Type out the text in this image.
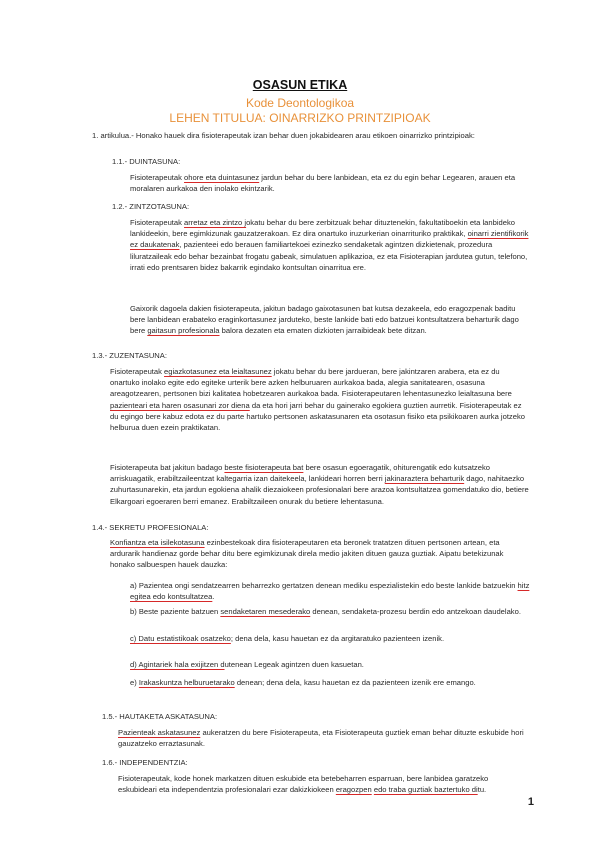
OSASUN ETIKA
Kode Deontologikoa
LEHEN TITULUA: OINARRIZKO PRINTZIPIOAK

1. artikulua.- Honako hauek dira fisioterapeutak izan behar duen jokabidearen arau etikoen oinarrizko printzipioak:

1.1.- DUINTASUNA:

Fisioterapeutak ohore eta duintasunez jardun behar du bere lanbidean, eta ez du egin behar Legearen, arauen eta moralaren aurkakoa den inolako ekintzarik.

1.2.- ZINTZOTASUNA:

Fisioterapeutak arretaz eta zintzo jokatu behar du bere zerbitzuak behar dituztenekin, fakultatiboekin eta lanbideko lankideekin, bere egimkizunak gauzatzerakoan. Ez dira onartuko iruzurkerian oinarrituriko praktikak, oinarri zientifikorik ez daukatenak, pazienteei edo berauen familiartekoei ezinezko sendaketak agintzen dizkietenak, prozedura liluratzaileak edo behar bezainbat frogatu gabeak, simulatuen aplikazioa, ez eta Fisioterapian jardutea gutun, telefono, irrati edo prentsaren bidez bakarrik egindako kontsultan oinarritua ere.

Gaixorik dagoela dakien fisioterapeuta, jakitun badago gaixotasunen bat kutsa dezakeela, edo eragozpenak baditu bere lanbidean erabateko eraginkortasunez jarduteko, beste lankide bati edo batzuei kontsultatzera beharturik dago bere gaitasun profesionala balora dezaten eta ematen dizkioten jarraibideak bete ditzan.

1.3.- ZUZENTASUNA:

Fisioterapeutak egiazkotasunez eta leialtasunez jokatu behar du bere jardueran, bere jakintzaren arabera, eta ez du onartuko inolako egite edo egiteke urterik bere azken helburuaren aurkakoa bada, alegia sanitatearen, osasuna areagotzearen, pertsonen bizi kalitatea hobetzearen aurkakoa bada. Fisioterapeutaren lehentasunezko leialtasuna bere pazienteari eta haren osasunari zor diena da eta hori jarri behar du gainerako egokiera guztien aurretik. Fisioterapeutak ez du egingo bere kabuz edota ez du parte hartuko pertsonen askatasunaren eta osotasun fisiko eta psikikoaren aurka jotzeko helburua duen ezein praktikatan.

Fisioterapeuta bat jakitun badago beste fisioterapeuta bat bere osasun egoeragatik, ohiturengatik edo kutsatzeko arriskuagatik, erabiltzaileentzat kaltegarria izan daitekeela, lankideari horren berri jakinaraztera beharturik dago, nahitaezko zuhurtasunarekin, eta jardun egokiena ahalik diezaiokeen profesionalari bere arazoa kontsultatzea gomendatuko dio, betiere Elkargoari egoeraren berri emanez. Erabiltzaileen onurak du betiere lehentasuna.

1.4.- SEKRETU PROFESIONALA:

Konfiantza eta isilekotasuna ezinbestekoak dira fisioterapeutaren eta beronek tratatzen dituen pertsonen artean, eta ardurarik handienaz gorde behar ditu bere egimkizunak direla medio jakiten dituen gauza guztiak. Aipatu betekizunak honako salbuespen hauek dauzka:

a) Pazientea ongi sendatzearren beharrezko gertatzen denean mediku espezialistekin edo beste lankide batzuekin hitz egitea edo kontsultatzea.

b) Beste paziente batzuen sendaketaren mesederako denean, sendaketa-prozesu berdin edo antzekoan daudelako.

c) Datu estatistikoak osatzeko; dena dela, kasu hauetan ez da argitaratuko pazienteen izenik.

d) Agintariek hala exijitzen dutenean Legeak agintzen duen kasuetan.

e) Irakaskuntza helburuetarako denean; dena dela, kasu hauetan ez da pazienteen izenik ere emango.

1.5.- HAUTAKETA ASKATASUNA:

Pazienteak askatasunez aukeratzen du bere Fisioterapeuta, eta Fisioterapeuta guztiek eman behar dituzte eskubide hori gauzatzeko erraztasunak.

1.6.- INDEPENDENTZIA:

Fisioterapeutak, kode honek markatzen dituen eskubide eta betebeharren esparruan, bere lanbidea garatzeko eskubideari eta independentzia profesionalari ezar dakizkiokeen eragozpen edo traba guztiak baztertuko ditu.

1
